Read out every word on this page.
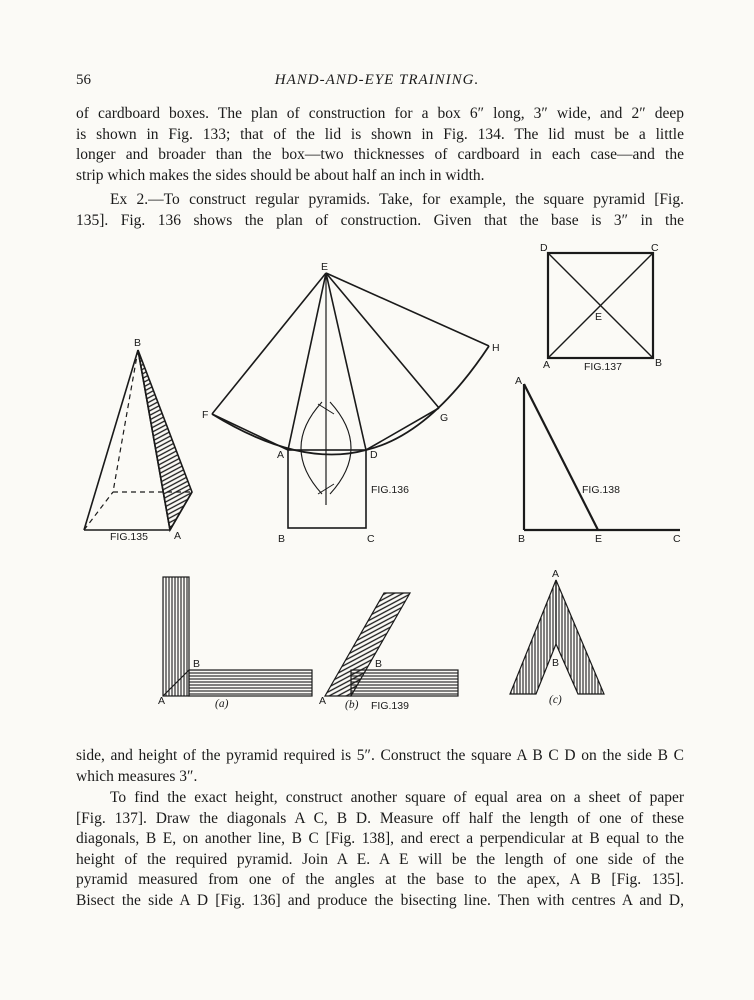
56	HAND-AND-EYE TRAINING.
of cardboard boxes. The plan of construction for a box 6″ long, 3″ wide, and 2″ deep
is shown in Fig. 133; that of the lid is shown in Fig. 134. The lid must be a little
longer and broader than the box—two thicknesses of cardboard in each case—and the
strip which makes the sides should be about half an inch in width.
Ex 2.—To construct regular pyramids. Take, for example, the square pyramid [Fig.
135]. Fig. 136 shows the plan of construction. Given that the base is 3″ in the
B
A
FIG.135
E
H
F	G
A	D
B	C
FIG.136
D	C
E
A	B
FIG.137
A
FIG.138
B	E	C
B
A	(a)
B
A (b) FIG.139
A
B
(c)
side, and height of the pyramid required is 5″. Construct the square A B C D on the side B C
which measures 3″.
To find the exact height, construct another square of equal area on a sheet of paper
[Fig. 137]. Draw the diagonals A C, B D. Measure off half the length of one of these
diagonals, B E, on another line, B C [Fig. 138], and erect a perpendicular at B equal to the
height of the required pyramid. Join A E. A E will be the length of one side of the
pyramid measured from one of the angles at the base to the apex, A B [Fig. 135].
Bisect the side A D [Fig. 136] and produce the bisecting line. Then with centres A and D,
